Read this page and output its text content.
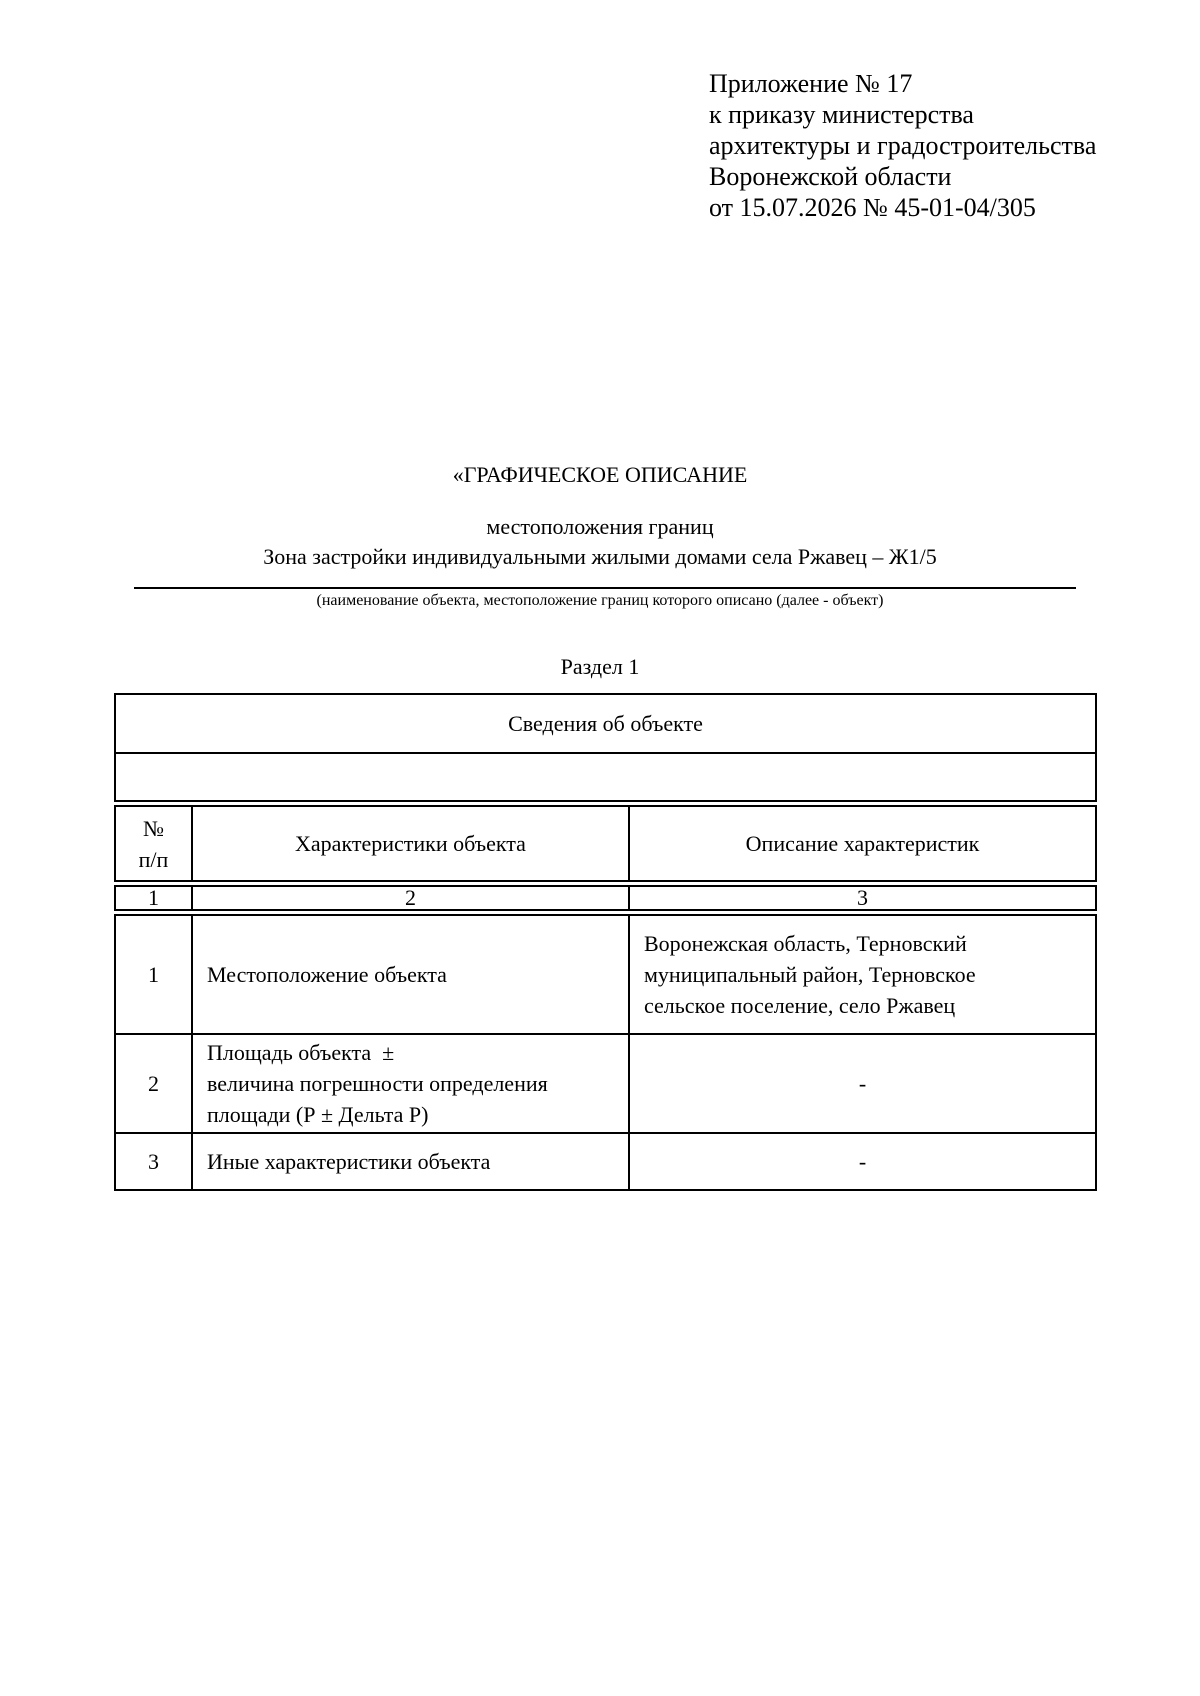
Приложение № 17
к приказу министерства
архитектуры и градостроительства
Воронежской области
от 15.07.2026 № 45-01-04/305
«ГРАФИЧЕСКОЕ ОПИСАНИЕ
местоположения границ
Зона застройки индивидуальными жилыми домами села Ржавец – Ж1/5
(наименование объекта, местоположение границ которого описано (далее - объект)
Раздел 1
Сведения об объекте		

№
п/п	Характеристики объекта	Описание характеристик

1	2	3

1	Местоположение объекта	Воронежская область, Терновский
муниципальный район, Терновское
сельское поселение, село Ржавец

2	Площадь объекта  ±
величина погрешности определения
площади (Р ± Дельта Р)	-

3	Иные характеристики объекта	-
